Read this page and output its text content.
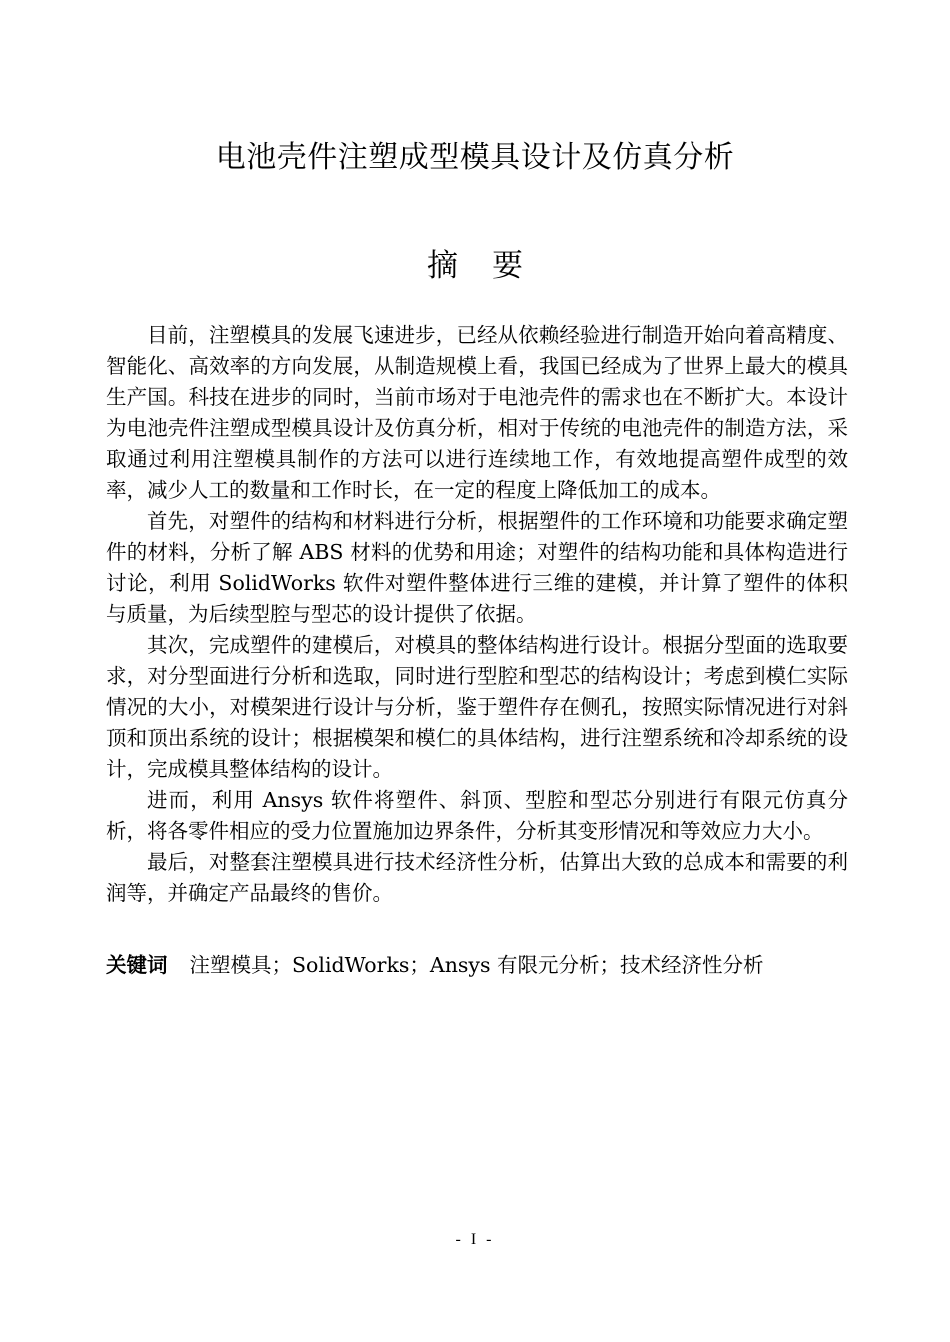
电池壳件注塑成型模具设计及仿真分析
摘要

目前，注塑模具的发展飞速进步，已经从依赖经验进行制造开始向着高精度、智能化、高效率的方向发展，从制造规模上看，我国已经成为了世界上最大的模具生产国。科技在进步的同时，当前市场对于电池壳件的需求也在不断扩大。本设计为电池壳件注塑成型模具设计及仿真分析，相对于传统的电池壳件的制造方法，采取通过利用注塑模具制作的方法可以进行连续地工作，有效地提高塑件成型的效率，减少人工的数量和工作时长，在一定的程度上降低加工的成本。

首先，对塑件的结构和材料进行分析，根据塑件的工作环境和功能要求确定塑件的材料，分析了解 ABS 材料的优势和用途；对塑件的结构功能和具体构造进行讨论，利用 SolidWorks 软件对塑件整体进行三维的建模，并计算了塑件的体积与质量，为后续型腔与型芯的设计提供了依据。

其次，完成塑件的建模后，对模具的整体结构进行设计。根据分型面的选取要求，对分型面进行分析和选取，同时进行型腔和型芯的结构设计；考虑到模仁实际情况的大小，对模架进行设计与分析，鉴于塑件存在侧孔，按照实际情况进行对斜顶和顶出系统的设计；根据模架和模仁的具体结构，进行注塑系统和冷却系统的设计，完成模具整体结构的设计。

进而，利用 Ansys 软件将塑件、斜顶、型腔和型芯分别进行有限元仿真分析，将各零件相应的受力位置施加边界条件，分析其变形情况和等效应力大小。

最后，对整套注塑模具进行技术经济性分析，估算出大致的总成本和需要的利润等，并确定产品最终的售价。

关键词 注塑模具；SolidWorks；Ansys 有限元分析；技术经济性分析
- I -
